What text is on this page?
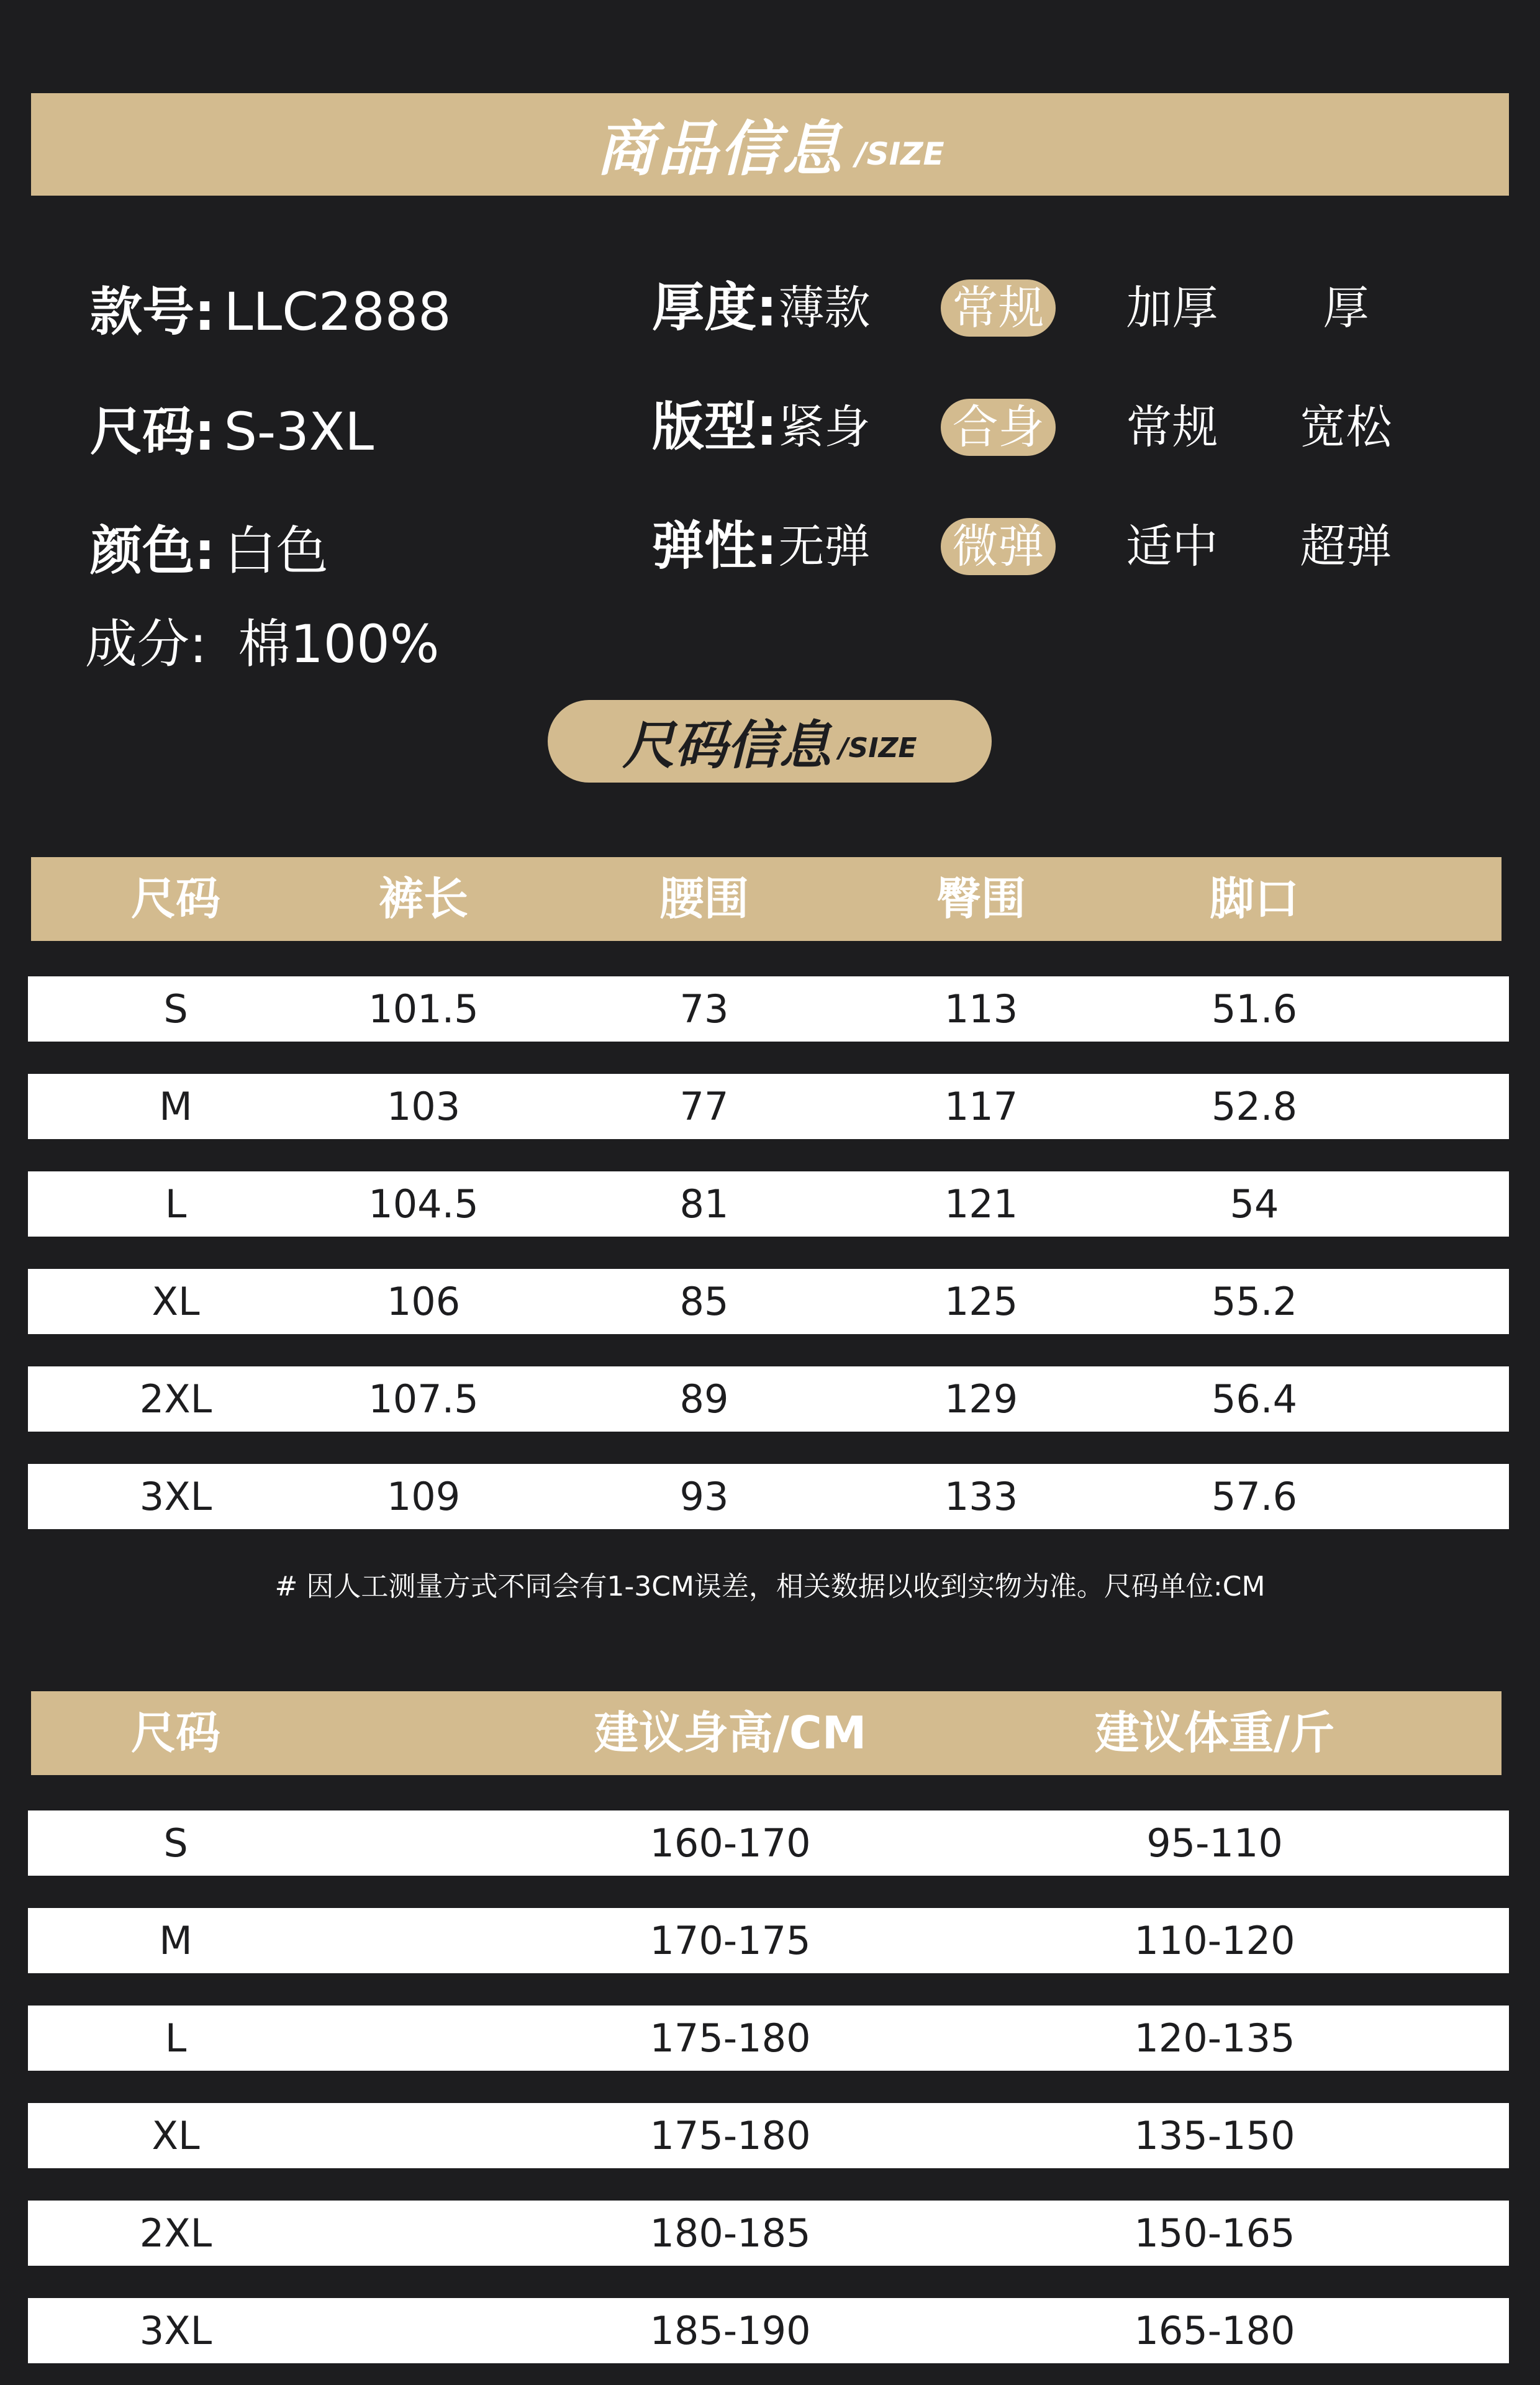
商品信息 /SIZE
款号: LLC2888
尺码: S-3XL
颜色: 白色
成分: 棉100%
厚度: 薄款 常规 加厚	厚
版型: 紧身 合身 常规 宽松
弹性: 无弹 微弹 适中 超弹
尺码信息 /SIZE
尺码	裤长	腰围	臀围	脚口
S	101.5	73	113	51.6
M	103	77	117	52.8
L	104.5	81	121	54
XL	106	85	125	55.2
2XL	107.5	89	129	56.4
3XL	109	93	133	57.6
# 因人工测量方式不同会有1-3CM误差，相关数据以收到实物为准。尺码单位:CM
尺码	建议身高/CM	建议体重/斤
S	160-170	95-110
M	170-175	110-120
L	175-180	120-135
XL	175-180	135-150
2XL	180-185	150-165
3XL	185-190	165-180
